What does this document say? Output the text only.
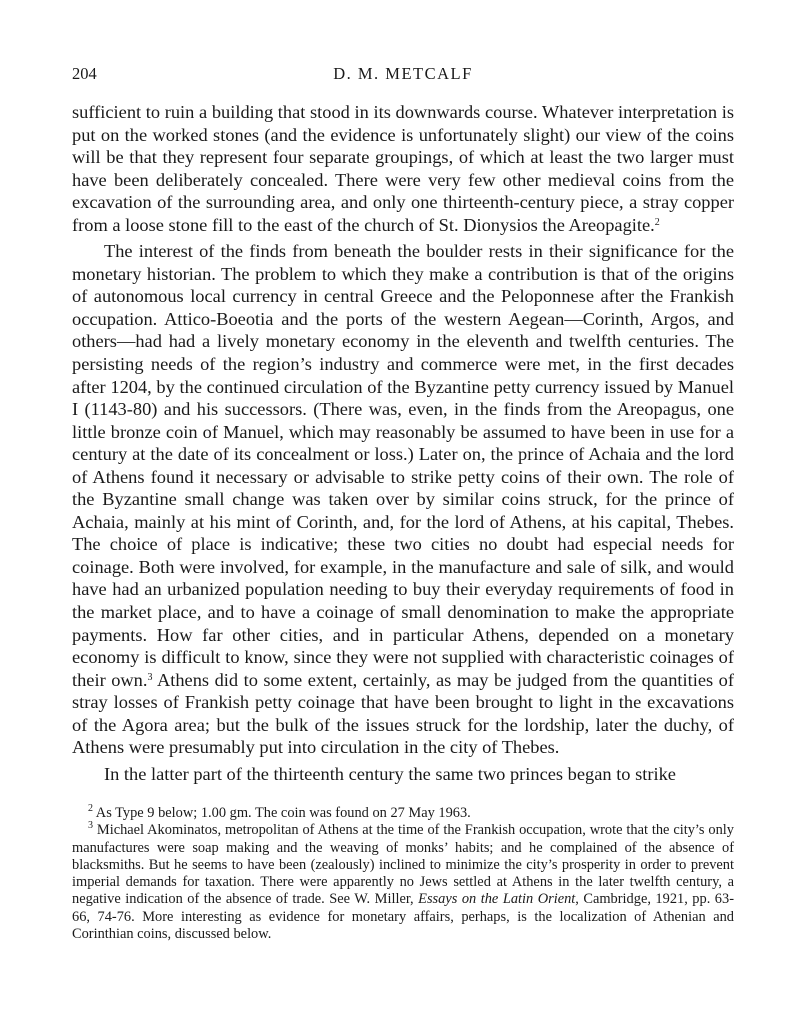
204	D. M. METCALF

sufficient to ruin a building that stood in its downwards course. Whatever interpretation is put on the worked stones (and the evidence is unfortunately slight) our view of the coins will be that they represent four separate groupings, of which at least the two larger must have been deliberately concealed. There were very few other medieval coins from the excavation of the surrounding area, and only one thirteenth-century piece, a stray copper from a loose stone fill to the east of the church of St. Dionysios the Areopagite.$^2$

The interest of the finds from beneath the boulder rests in their significance for the monetary historian. The problem to which they make a contribution is that of the origins of autonomous local currency in central Greece and the Peloponnese after the Frankish occupation. Attico-Boeotia and the ports of the western Aegean—Corinth, Argos, and others—had had a lively monetary economy in the eleventh and twelfth centuries. The persisting needs of the region’s industry and commerce were met, in the first decades after 1204, by the continued circulation of the Byzantine petty currency issued by Manuel I (1143-80) and his successors. (There was, even, in the finds from the Areopagus, one little bronze coin of Manuel, which may reasonably be assumed to have been in use for a century at the date of its concealment or loss.) Later on, the prince of Achaia and the lord of Athens found it necessary or advisable to strike petty coins of their own. The role of the Byzantine small change was taken over by similar coins struck, for the prince of Achaia, mainly at his mint of Corinth, and, for the lord of Athens, at his capital, Thebes. The choice of place is indicative; these two cities no doubt had especial needs for coinage. Both were involved, for example, in the manufacture and sale of silk, and would have had an urbanized population needing to buy their everyday requirements of food in the market place, and to have a coinage of small denomination to make the appropriate payments. How far other cities, and in particular Athens, depended on a monetary economy is difficult to know, since they were not supplied with characteristic coinages of their own.$^3$ Athens did to some extent, certainly, as may be judged from the quantities of stray losses of Frankish petty coinage that have been brought to light in the excavations of the Agora area; but the bulk of the issues struck for the lordship, later the duchy, of Athens were presumably put into circulation in the city of Thebes.

In the latter part of the thirteenth century the same two princes began to strike

$^2$ As Type 9 below; 1.00 gm. The coin was found on 27 May 1963.

$^3$ Michael Akominatos, metropolitan of Athens at the time of the Frankish occupation, wrote that the city’s only manufactures were soap making and the weaving of monks’ habits; and he complained of the absence of blacksmiths. But he seems to have been (zealously) inclined to minimize the city’s prosperity in order to prevent imperial demands for taxation. There were apparently no Jews settled at Athens in the later twelfth century, a negative indication of the absence of trade. See W. Miller, Essays on the Latin Orient, Cambridge, 1921, pp. 63-66, 74-76. More interesting as evidence for monetary affairs, perhaps, is the localization of Athenian and Corinthian coins, discussed below.
